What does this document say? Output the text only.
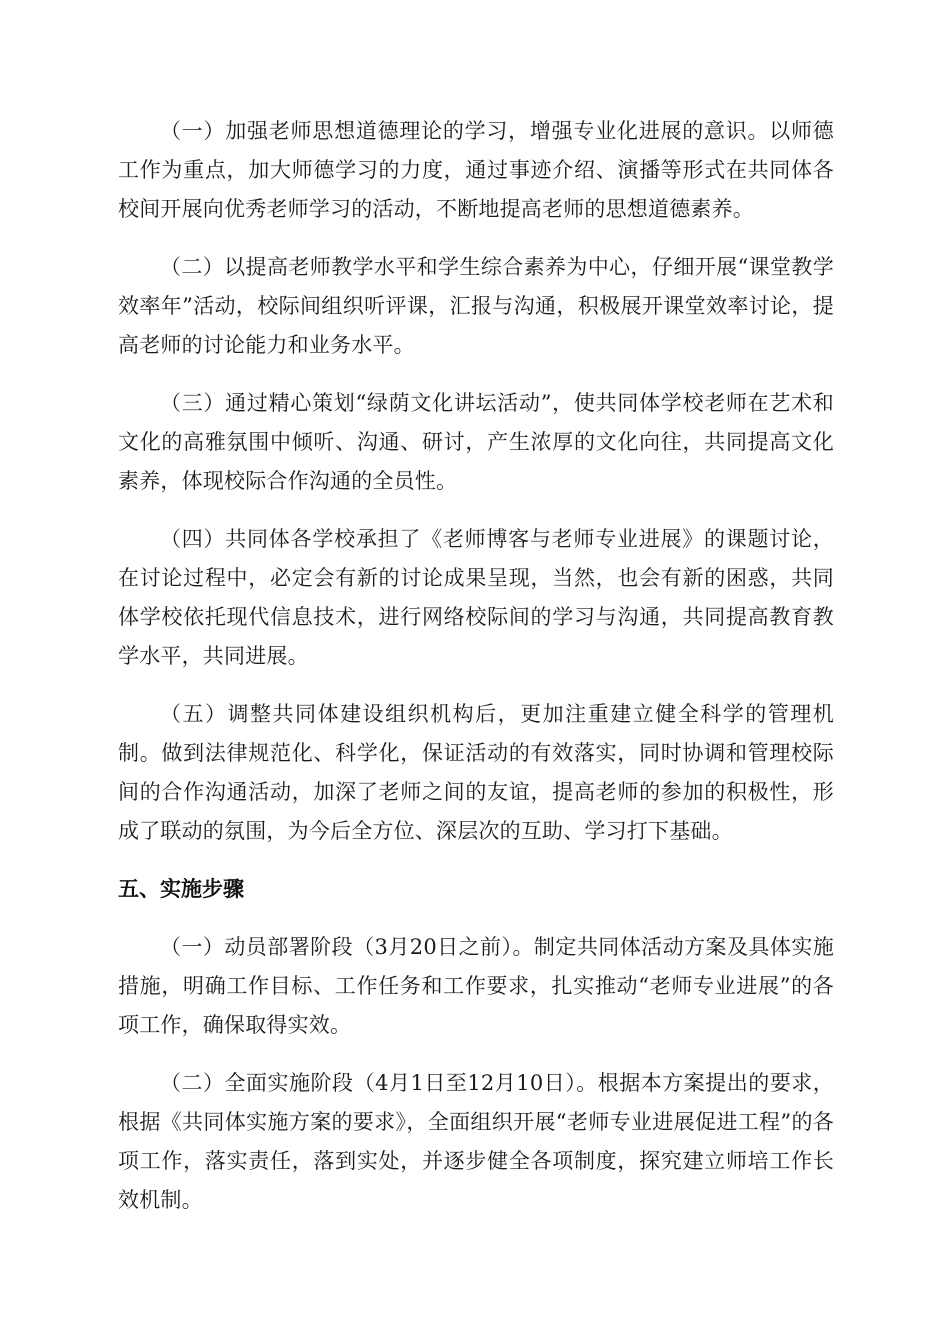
（一）加强老师思想道德理论的学习，增强专业化进展的意识。以师德工作为重点，加大师德学习的力度，通过事迹介绍、演播等形式在共同体各校间开展向优秀老师学习的活动，不断地提高老师的思想道德素养。

（二）以提高老师教学水平和学生综合素养为中心，仔细开展“课堂教学效率年”活动，校际间组织听评课，汇报与沟通，积极展开课堂效率讨论，提高老师的讨论能力和业务水平。

（三）通过精心策划“绿荫文化讲坛活动”，使共同体学校老师在艺术和文化的高雅氛围中倾听、沟通、研讨，产生浓厚的文化向往，共同提高文化素养，体现校际合作沟通的全员性。

（四）共同体各学校承担了《老师博客与老师专业进展》的课题讨论，在讨论过程中，必定会有新的讨论成果呈现，当然，也会有新的困惑，共同体学校依托现代信息技术，进行网络校际间的学习与沟通，共同提高教育教学水平，共同进展。

（五）调整共同体建设组织机构后，更加注重建立健全科学的管理机制。做到法律规范化、科学化，保证活动的有效落实，同时协调和管理校际间的合作沟通活动，加深了老师之间的友谊，提高老师的参加的积极性，形成了联动的氛围，为今后全方位、深层次的互助、学习打下基础。

五、实施步骤

（一）动员部署阶段（3月20日之前）。制定共同体活动方案及具体实施措施，明确工作目标、工作任务和工作要求，扎实推动“老师专业进展”的各项工作，确保取得实效。

（二）全面实施阶段（4月1日至12月10日）。根据本方案提出的要求，根据《共同体实施方案的要求》，全面组织开展“老师专业进展促进工程”的各项工作，落实责任，落到实处，并逐步健全各项制度，探究建立师培工作长效机制。
